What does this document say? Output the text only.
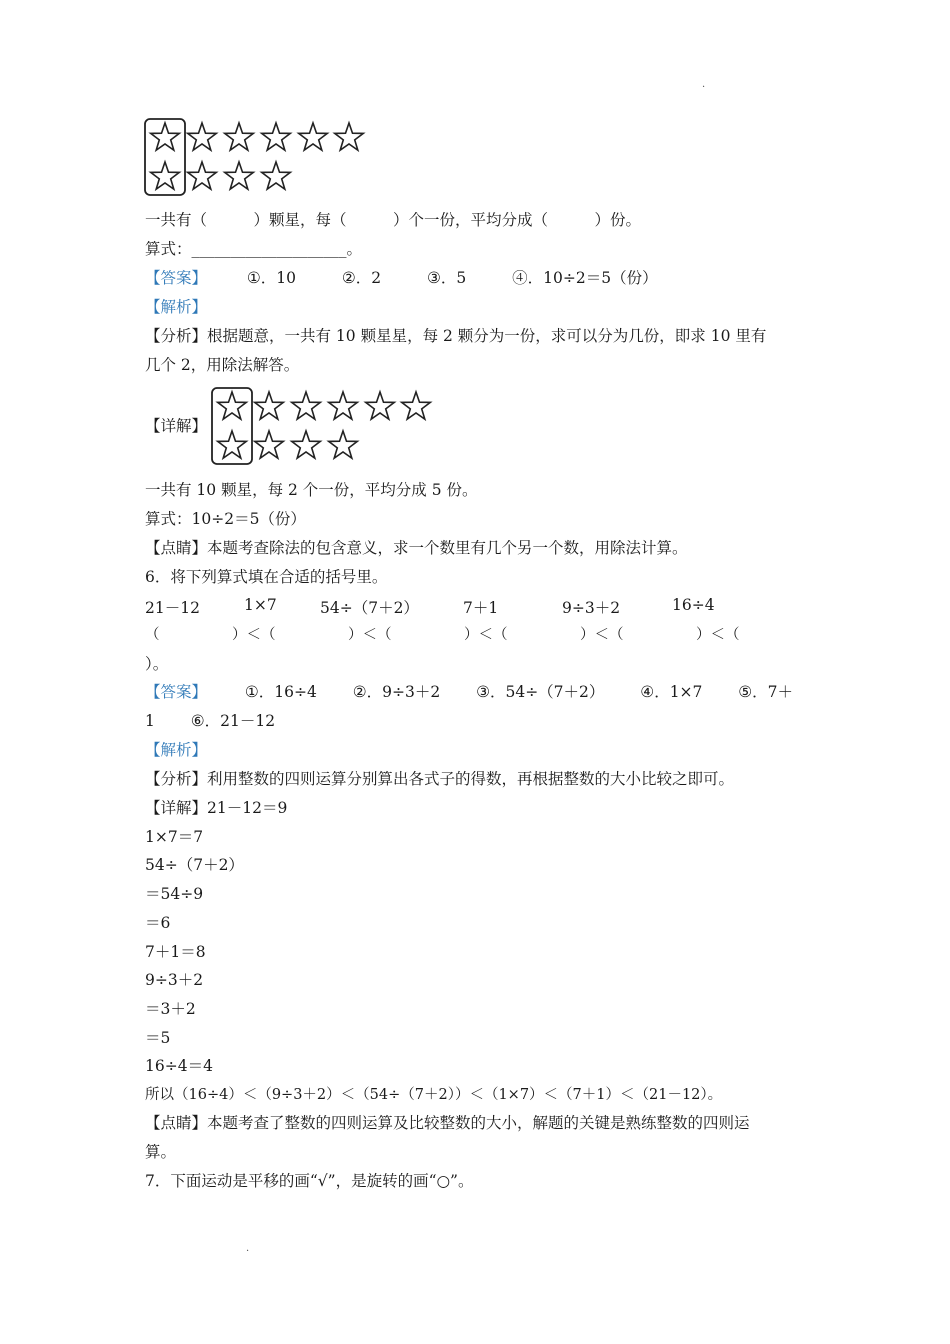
·
一共有（　　　）颗星，每（　　　）个一份，平均分成（　　　）份。
算式：____________________。
【答案】	①．10	②．2	③．5	④．10÷2＝5（份）
【解析】
【分析】根据题意，一共有 10 颗星星，每 2 颗分为一份，求可以分为几份，即求 10 里有
几个 2，用除法解答。
【详解】
一共有 10 颗星，每 2 个一份，平均分成 5 份。
算式：10÷2＝5（份）
【点睛】本题考查除法的包含意义，求一个数里有几个另一个数，用除法计算。
6．将下列算式填在合适的括号里。
21－12	1×7	54÷（7＋2）	7＋1	9÷3＋2	16÷4
（　　　　　）＜（　　　　　）＜（　　　　　）＜（　　　　　）＜（　　　　　）＜（
）。
【答案】 ①．16÷4 ②．9÷3＋2 ③．54÷（7＋2） ④．1×7 ⑤．7＋
1 ⑥．21－12
【解析】
【分析】利用整数的四则运算分别算出各式子的得数，再根据整数的大小比较之即可。
【详解】21－12＝9
1×7＝7
54÷（7＋2）
＝54÷9
＝6
7＋1＝8
9÷3＋2
＝3＋2
＝5
16÷4＝4
所以（16÷4）＜（9÷3＋2）＜（54÷（7＋2））＜（1×7）＜（7＋1）＜（21－12）。
【点睛】本题考查了整数的四则运算及比较整数的大小，解题的关键是熟练整数的四则运
算。
7．下面运动是平移的画“√”，是旋转的画“○”。
·
